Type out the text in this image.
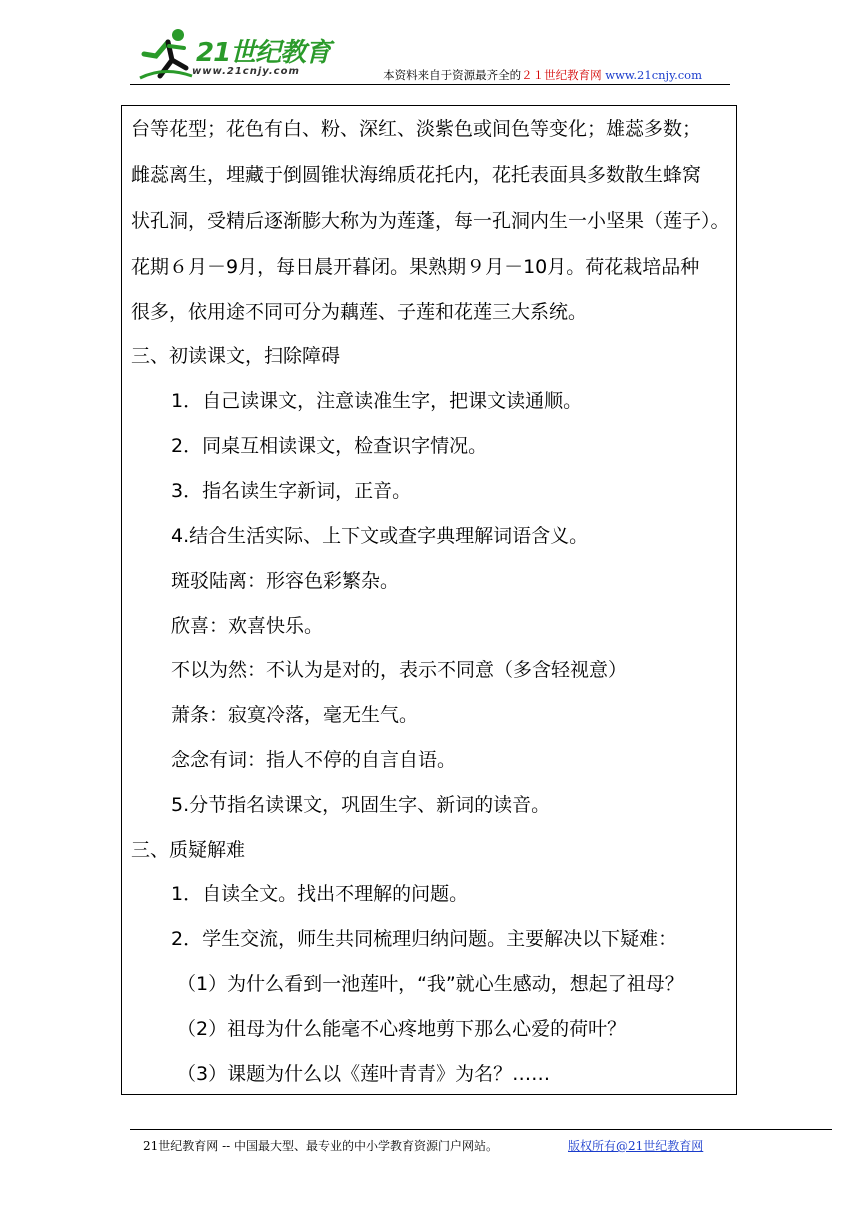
21世纪教育
www.21cnjy.com	本资料来自于资源最齐全的２１世纪教育网 www.21cnjy.com
台等花型；花色有白、粉、深红、淡紫色或间色等变化；雄蕊多数；
雌蕊离生，埋藏于倒圆锥状海绵质花托内，花托表面具多数散生蜂窝
状孔洞，受精后逐渐膨大称为为莲蓬，每一孔洞内生一小坚果（莲子）。
花期６月－9月，每日晨开暮闭。果熟期９月－10月。荷花栽培品种
很多，依用途不同可分为藕莲、子莲和花莲三大系统。
三、初读课文，扫除障碍
1．自己读课文，注意读准生字，把课文读通顺。
2．同桌互相读课文，检查识字情况。
3．指名读生字新词，正音。
4.结合生活实际、上下文或查字典理解词语含义。
斑驳陆离：形容色彩繁杂。
欣喜：欢喜快乐。
不以为然：不认为是对的，表示不同意（多含轻视意）
萧条：寂寞冷落，毫无生气。
念念有词：指人不停的自言自语。
5.分节指名读课文，巩固生字、新词的读音。
三、质疑解难
1．自读全文。找出不理解的问题。
2．学生交流，师生共同梳理归纳问题。主要解决以下疑难：
（1）为什么看到一池莲叶，“我”就心生感动，想起了祖母？
（2）祖母为什么能毫不心疼地剪下那么心爱的荷叶？
（3）课题为什么以《莲叶青青》为名？……
21世纪教育网 -- 中国最大型、最专业的中小学教育资源门户网站。	版权所有@21世纪教育网
